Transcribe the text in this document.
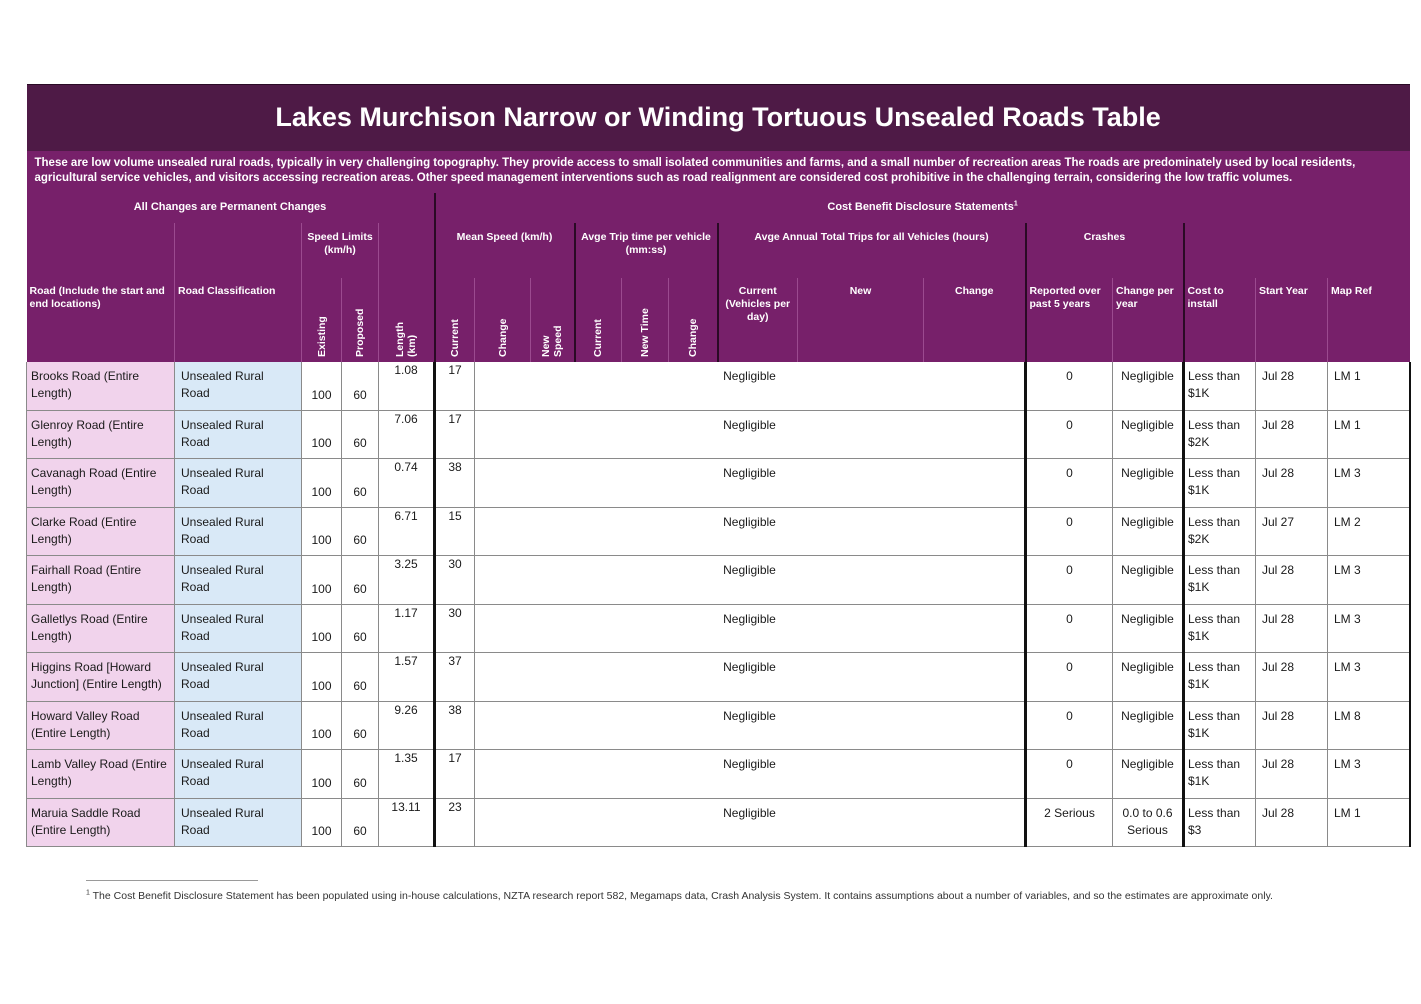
Lakes Murchison Narrow or Winding Tortuous Unsealed Roads Table																		
These are low volume unsealed rural roads, typically in very challenging topography. They provide access to small isolated communities and farms, and a small number of recreation areas The roads are predominately used by local residents, agricultural service vehicles, and visitors accessing recreation areas. Other speed management interventions such as road realignment are considered cost prohibitive in the challenging terrain, considering the low traffic volumes.																		
All Changes are Permanent Changes					Cost Benefit Disclosure Statements$^1$
		Speed Limits (km/h)			Mean Speed (km/h)			Avge Trip time per vehicle (mm:ss)			Avge Annual Total Trips for all Vehicles (hours)			Crashes				
Road (Include the start and end locations)	Road Classification	Existing	Proposed	Length (km)	Current	Change	New Speed	Current	New Time	Change	Current (Vehicles per day)	New	Change	Reported over past 5 years	Change per year	Cost to install	Start Year	Map Ref
Brooks Road (Entire Length)	Unsealed Rural Road	100	60	1.08	17	Negligible								0	Negligible	Less than $1K	Jul 28	LM 1
Glenroy Road (Entire Length)	Unsealed Rural Road	100	60	7.06	17	Negligible								0	Negligible	Less than $2K	Jul 28	LM 1
Cavanagh Road (Entire Length)	Unsealed Rural Road	100	60	0.74	38	Negligible								0	Negligible	Less than $1K	Jul 28	LM 3
Clarke Road (Entire Length)	Unsealed Rural Road	100	60	6.71	15	Negligible								0	Negligible	Less than $2K	Jul 27	LM 2
Fairhall Road (Entire Length)	Unsealed Rural Road	100	60	3.25	30	Negligible								0	Negligible	Less than $1K	Jul 28	LM 3
Galletlys Road (Entire Length)	Unsealed Rural Road	100	60	1.17	30	Negligible								0	Negligible	Less than $1K	Jul 28	LM 3
Higgins Road [Howard Junction] (Entire Length)	Unsealed Rural Road	100	60	1.57	37	Negligible								0	Negligible	Less than $1K	Jul 28	LM 3
Howard Valley Road (Entire Length)	Unsealed Rural Road	100	60	9.26	38	Negligible								0	Negligible	Less than $1K	Jul 28	LM 8
Lamb Valley Road (Entire Length)	Unsealed Rural Road	100	60	1.35	17	Negligible								0	Negligible	Less than $1K	Jul 28	LM 3
Maruia Saddle Road (Entire Length)	Unsealed Rural Road	100	60	13.11	23	Negligible								2 Serious	0.0 to 0.6 Serious	Less than $3	Jul 28	LM 1
$^1$ The Cost Benefit Disclosure Statement has been populated using in-house calculations, NZTA research report 582, Megamaps data, Crash Analysis System. It contains assumptions about a number of variables, and so the estimates are approximate only.
